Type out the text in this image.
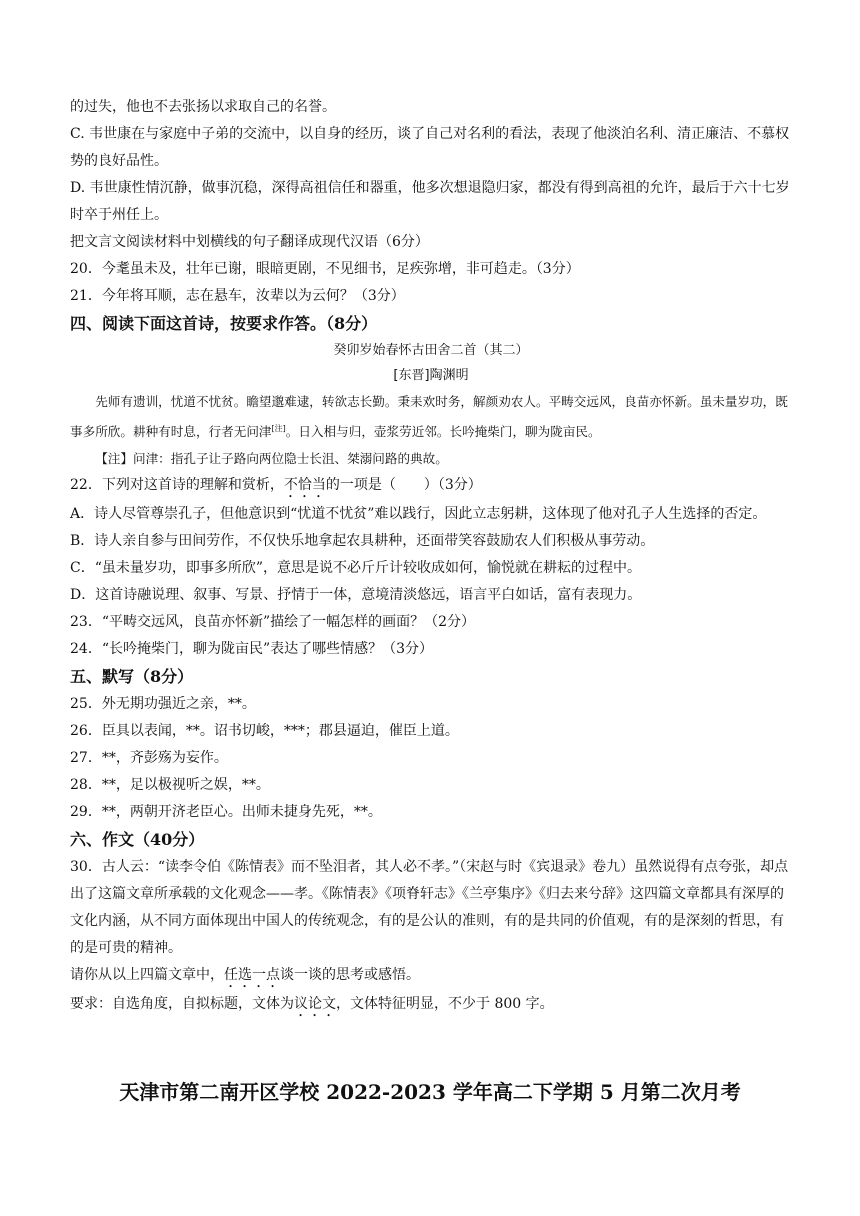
的过失，他也不去张扬以求取自己的名誉。

C. 韦世康在与家庭中子弟的交流中，以自身的经历，谈了自己对名利的看法，表现了他淡泊名利、清正廉洁、不慕权势的良好品性。

D. 韦世康性情沉静，做事沉稳，深得高祖信任和器重，他多次想退隐归家，都没有得到高祖的允许，最后于六十七岁时卒于州任上。

把文言文阅读材料中划横线的句子翻译成现代汉语（6分）

20．今耄虽未及，壮年已谢，眼暗更剧，不见细书，足疾弥增，非可趋走。（3分）

21．今年将耳顺，志在悬车，汝辈以为云何？（3分）

四、阅读下面这首诗，按要求作答。（8分）

癸卯岁始春怀古田舍二首（其二）

[东晋]陶渊明

先师有遗训，忧道不忧贫。瞻望邈难逮，转欲志长勤。秉耒欢时务，解颜劝农人。平畴交远风，良苗亦怀新。虽未量岁功，既事多所欣。耕种有时息，行者无问津[注]。日入相与归，壶浆劳近邻。长吟掩柴门，聊为陇亩民。

【注】问津：指孔子让子路向两位隐士长沮、桀溺问路的典故。

22．下列对这首诗的理解和赏析，不恰当的一项是（　　）（3分）

A．诗人尽管尊崇孔子，但他意识到“忧道不忧贫”难以践行，因此立志躬耕，这体现了他对孔子人生选择的否定。

B．诗人亲自参与田间劳作，不仅快乐地拿起农具耕种，还面带笑容鼓励农人们积极从事劳动。

C．“虽未量岁功，即事多所欣”，意思是说不必斤斤计较收成如何，愉悦就在耕耘的过程中。

D．这首诗融说理、叙事、写景、抒情于一体，意境清淡悠远，语言平白如话，富有表现力。

23．“平畴交远风，良苗亦怀新”描绘了一幅怎样的画面？（2分）

24．“长吟掩柴门，聊为陇亩民”表达了哪些情感？（3分）

五、默写（8分）

25．外无期功强近之亲，**。

26．臣具以表闻，**。诏书切峻，***；郡县逼迫，催臣上道。

27．**，齐彭殇为妄作。

28．**，足以极视听之娱，**。

29．**，两朝开济老臣心。出师未捷身先死，**。

六、作文（40分）

30．古人云：“读李令伯《陈情表》而不坠泪者，其人必不孝。”（宋赵与时《宾退录》卷九）虽然说得有点夸张，却点出了这篇文章所承载的文化观念——孝。《陈情表》《项脊轩志》《兰亭集序》《归去来兮辞》这四篇文章都具有深厚的文化内涵，从不同方面体现出中国人的传统观念，有的是公认的准则，有的是共同的价值观，有的是深刻的哲思，有的是可贵的精神。

请你从以上四篇文章中，任选一点谈一谈的思考或感悟。

要求：自选角度，自拟标题，文体为议论文，文体特征明显，不少于 800 字。

天津市第二南开区学校 2022-2023 学年高二下学期 5 月第二次月考
